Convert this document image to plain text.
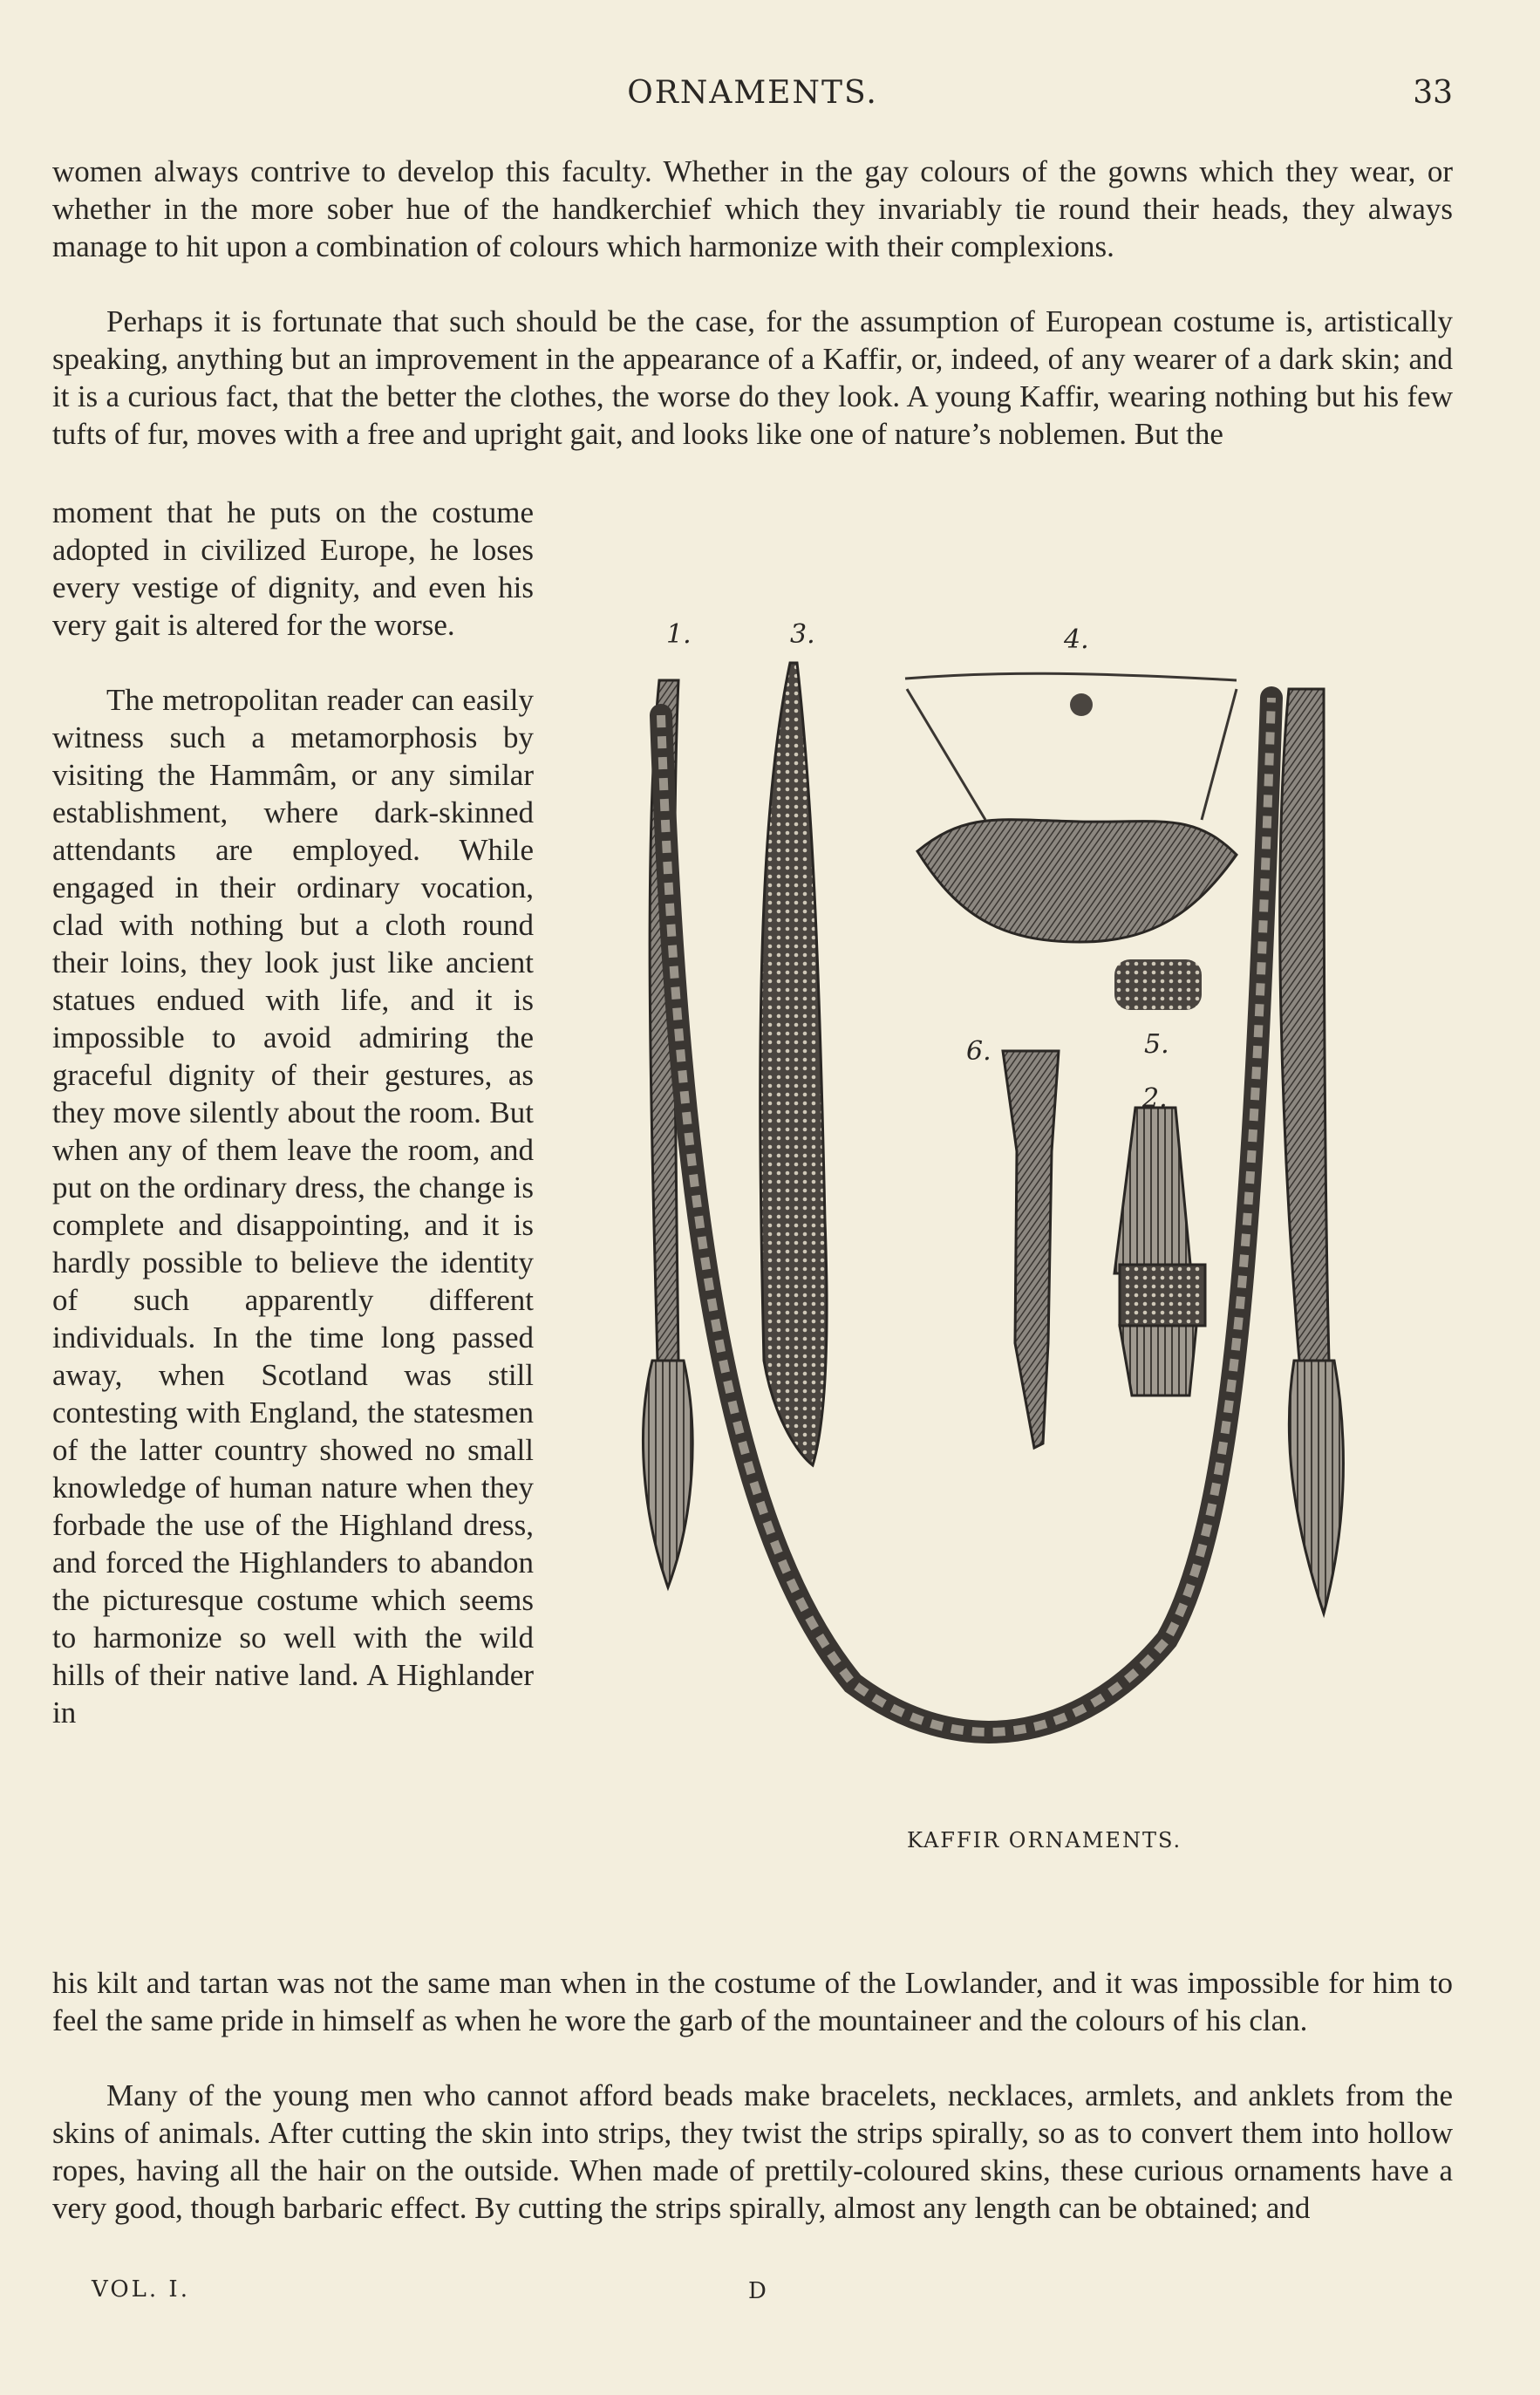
ORNAMENTS.	33

women always contrive to develop this faculty. Whether in the gay colours of the gowns which they wear, or whether in the more sober hue of the handkerchief which they invariably tie round their heads, they always manage to hit upon a combination of colours which harmonize with their complexions.

Perhaps it is fortunate that such should be the case, for the assumption of European costume is, artistically speaking, anything but an improvement in the appearance of a Kaffir, or, indeed, of any wearer of a dark skin; and it is a curious fact, that the better the clothes, the worse do they look. A young Kaffir, wearing nothing but his few tufts of fur, moves with a free and upright gait, and looks like one of nature’s noblemen. But the

moment that he puts on the costume adopted in civilized Europe, he loses every vestige of dignity, and even his very gait is altered for the worse.

The metropolitan reader can easily witness such a metamorphosis by visiting the Hammâm, or any similar establishment, where dark-skinned attendants are employed. While engaged in their ordinary vocation, clad with nothing but a cloth round their loins, they look just like ancient statues endued with life, and it is impossible to avoid admiring the graceful dignity of their gestures, as they move silently about the room. But when any of them leave the room, and put on the ordinary dress, the change is complete and disappointing, and it is hardly possible to believe the identity of such apparently different individuals. In the time long passed away, when Scotland was still contesting with England, the statesmen of the latter country showed no small knowledge of human nature when they forbade the use of the Highland dress, and forced the Highlanders to abandon the picturesque costume which seems to harmonize so well with the wild hills of their native land. A Highlander in

his kilt and tartan was not the same man when in the costume of the Lowlander, and it was impossible for him to feel the same pride in himself as when he wore the garb of the mountaineer and the colours of his clan.

Many of the young men who cannot afford beads make bracelets, necklaces, armlets, and anklets from the skins of animals. After cutting the skin into strips, they twist the strips spirally, so as to convert them into hollow ropes, having all the hair on the outside. When made of prettily-coloured skins, these curious ornaments have a very good, though barbaric effect. By cutting the strips spirally, almost any length can be obtained; and

1.	3.	4.
5.
6.
2.
KAFFIR ORNAMENTS.
VOL. I.	D
